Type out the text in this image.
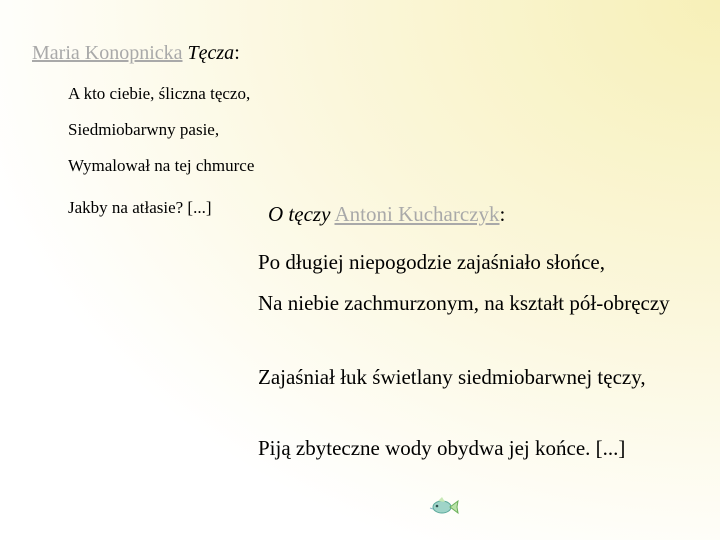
Maria Konopnicka Tęcza:
A kto ciebie, śliczna tęczo,
Siedmiobarwny pasie,
Wymalował na tej chmurce
Jakby na atłasie? [...]	O tęczy Antoni Kucharczyk:
Po długiej niepogodzie zajaśniało słońce,
Na niebie zachmurzonym, na kształt pół-obręczy
Zajaśniał łuk świetlany siedmiobarwnej tęczy,
Piją zbyteczne wody obydwa jej końce. [...]
